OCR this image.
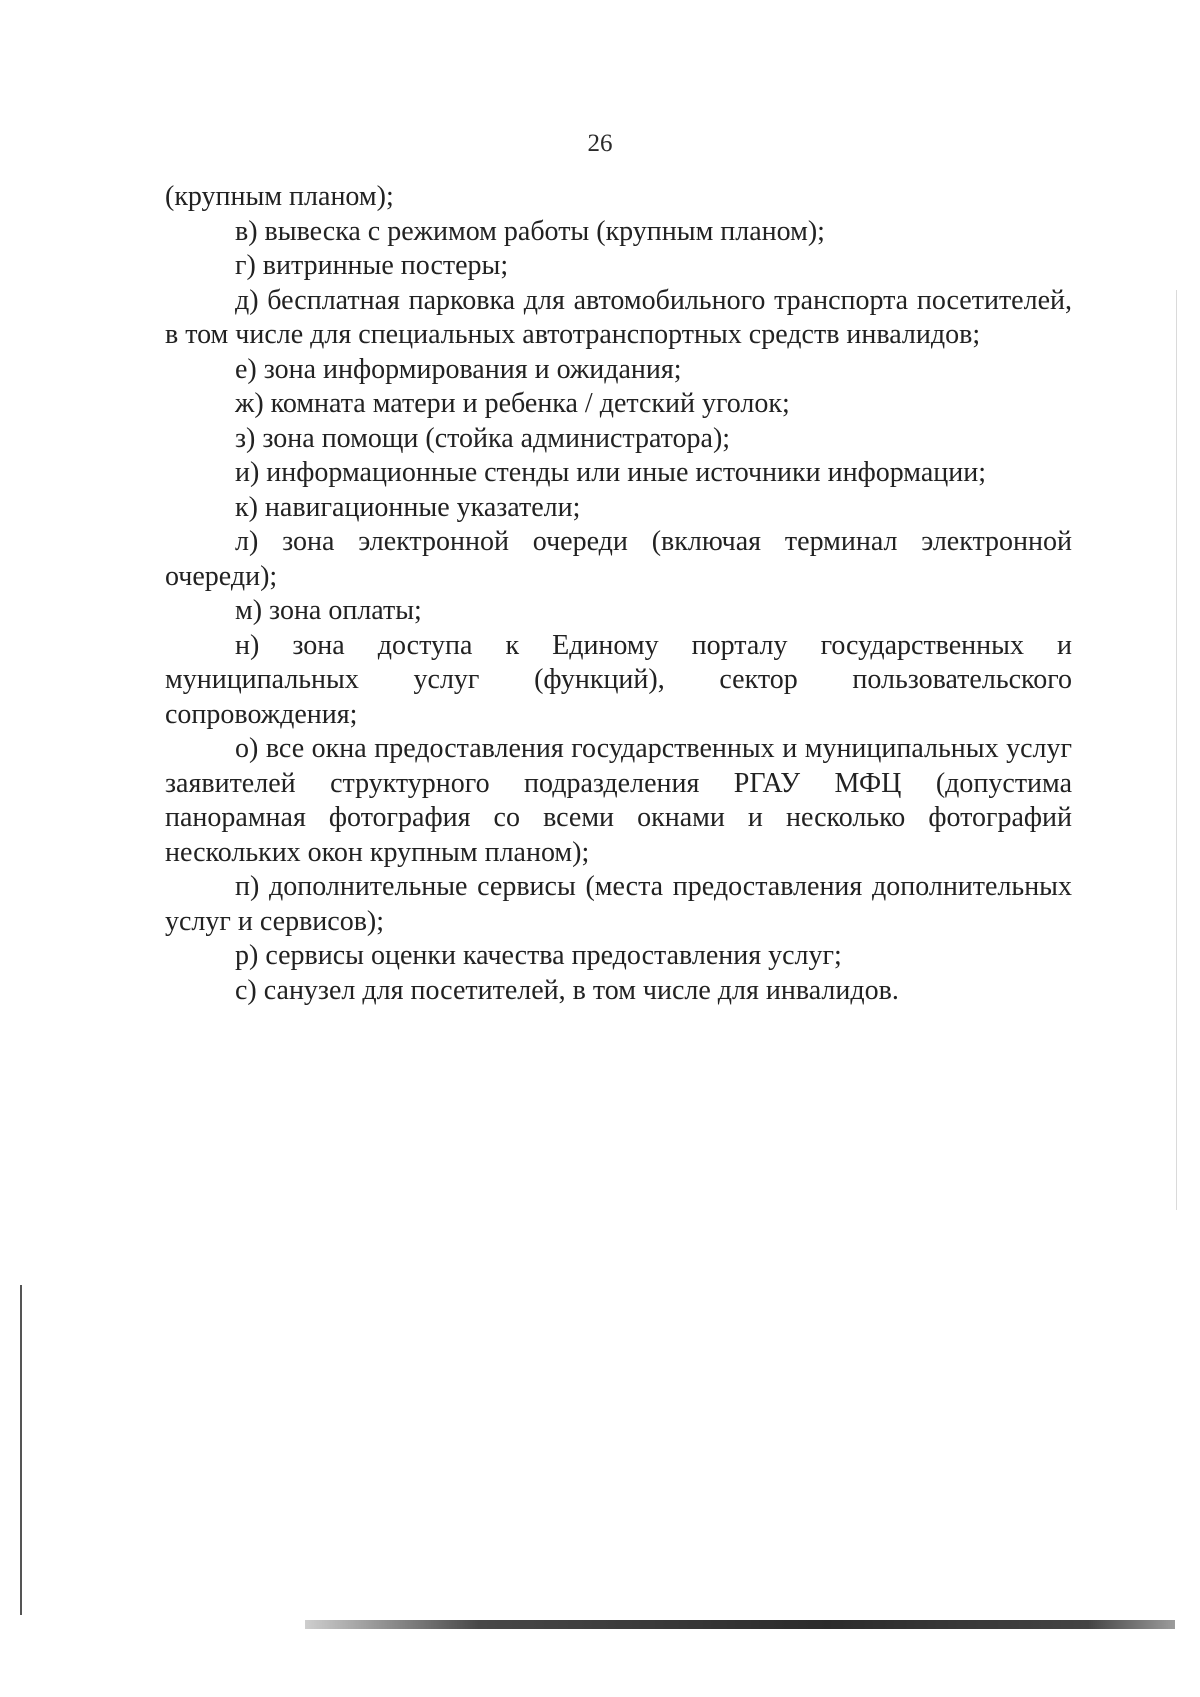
26

(крупным планом);

в) вывеска с режимом работы (крупным планом);

г) витринные постеры;

д) бесплатная парковка для автомобильного транспорта посетителей, в том числе для специальных автотранспортных средств инвалидов;

е) зона информирования и ожидания;

ж) комната матери и ребенка / детский уголок;

з) зона помощи (стойка администратора);

и) информационные стенды или иные источники информации;

к) навигационные указатели;

л) зона электронной очереди (включая терминал электронной очереди);

м) зона оплаты;

н) зона доступа к Единому порталу государственных и муниципальных услуг (функций), сектор пользовательского сопровождения;

о) все окна предоставления государственных и муниципальных услуг заявителей структурного подразделения РГАУ МФЦ (допустима панорамная фотография со всеми окнами и несколько фотографий нескольких окон крупным планом);

п) дополнительные сервисы (места предоставления дополнительных услуг и сервисов);

р) сервисы оценки качества предоставления услуг;

с) санузел для посетителей, в том числе для инвалидов.
